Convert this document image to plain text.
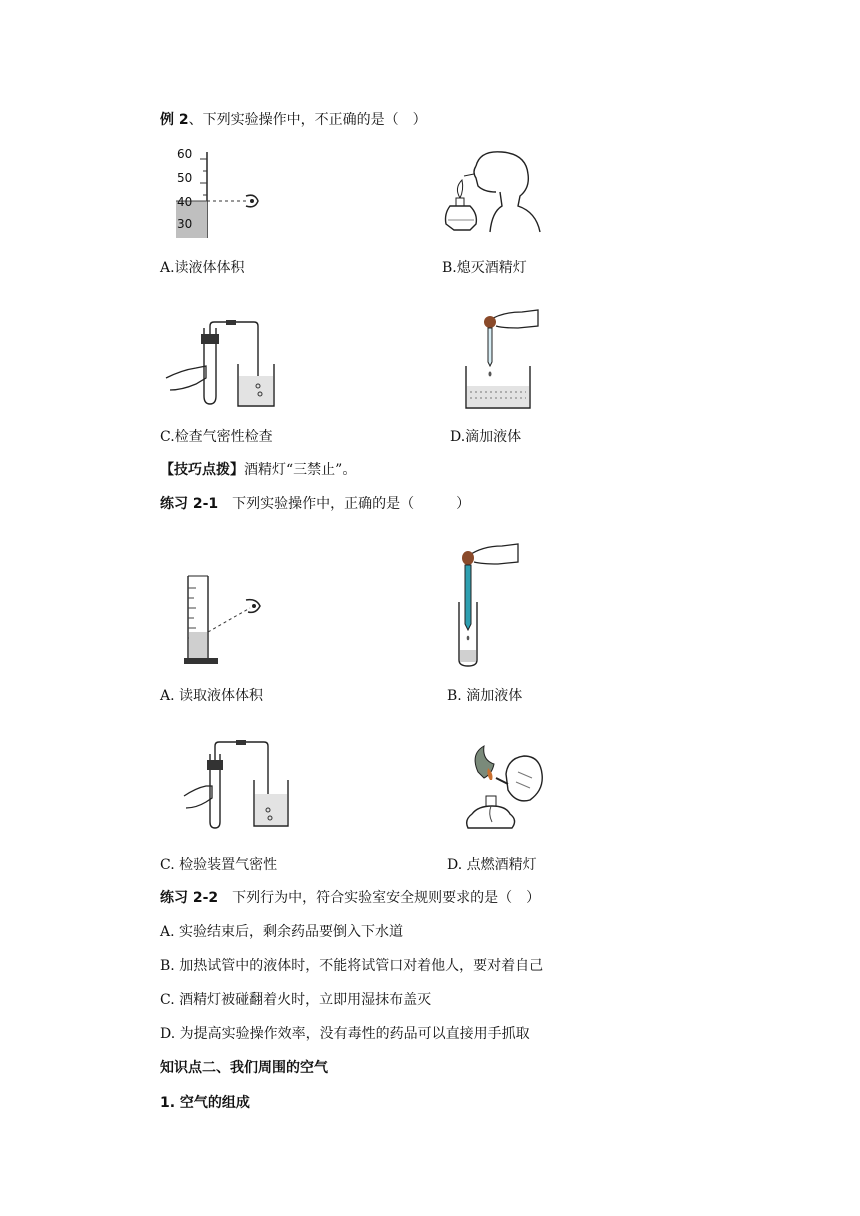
例 2、下列实验操作中，不正确的是（　）
60
50
40
30
A.读液体体积	B.熄灭酒精灯
C.检查气密性检查	D.滴加液体
【技巧点拨】酒精灯“三禁止”。
练习 2-1　下列实验操作中，正确的是（　　　）
A. 读取液体体积	B. 滴加液体
C. 检验装置气密性	D. 点燃酒精灯
练习 2-2　下列行为中，符合实验室安全规则要求的是（　）
A. 实验结束后，剩余药品要倒入下水道
B. 加热试管中的液体时，不能将试管口对着他人，要对着自己
C. 酒精灯被碰翻着火时，立即用湿抹布盖灭
D. 为提高实验操作效率，没有毒性的药品可以直接用手抓取
知识点二、我们周围的空气
1. 空气的组成
